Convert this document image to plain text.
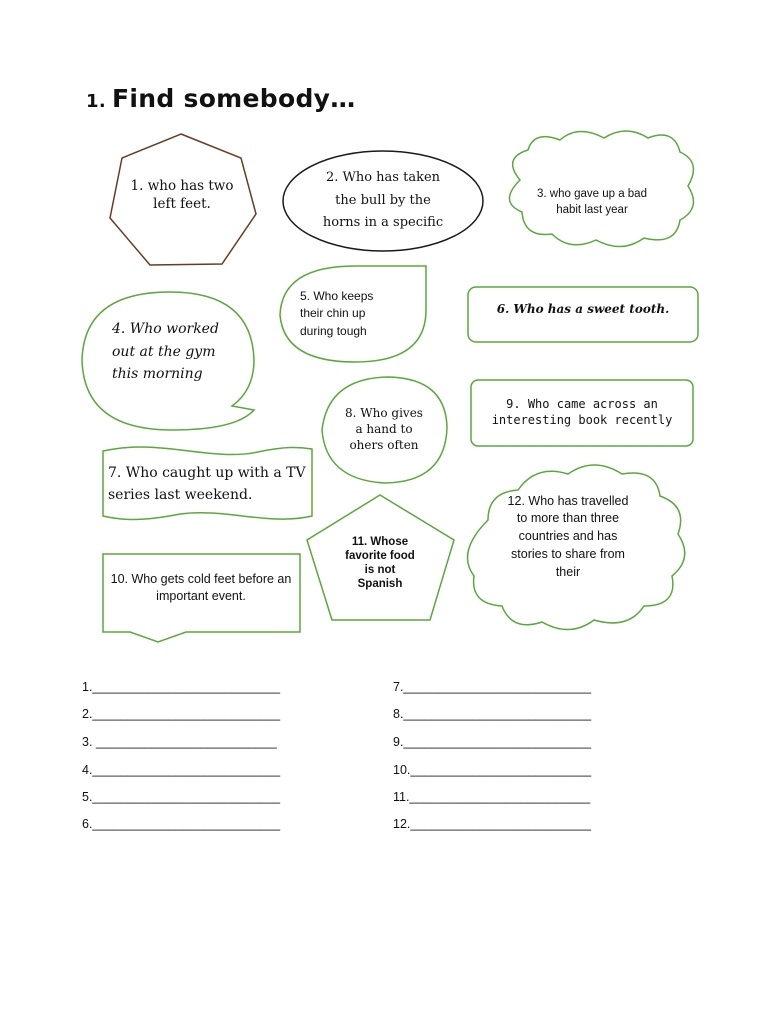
1. Find somebody…
1. who has two left feet.
2. Who has taken the bull by the horns in a specific
3. who gave up a bad habit last year
5. Who keeps their chin up during tough
6. Who has a sweet tooth.
4. Who worked out at the gym this morning
9. Who came across an interesting book recently
8. Who gives a hand to ohers often
7. Who caught up with a TV series last weekend.	12. Who has travelled to more than three countries and has stories to share from their
11. Whose favorite food is not Spanish
10. Who gets cold feet before an important event.
1.___________________________
2.___________________________
3. __________________________
4.___________________________
5.___________________________
6.___________________________
7.___________________________
8.___________________________
9.___________________________
10.__________________________
11.__________________________
12.__________________________
